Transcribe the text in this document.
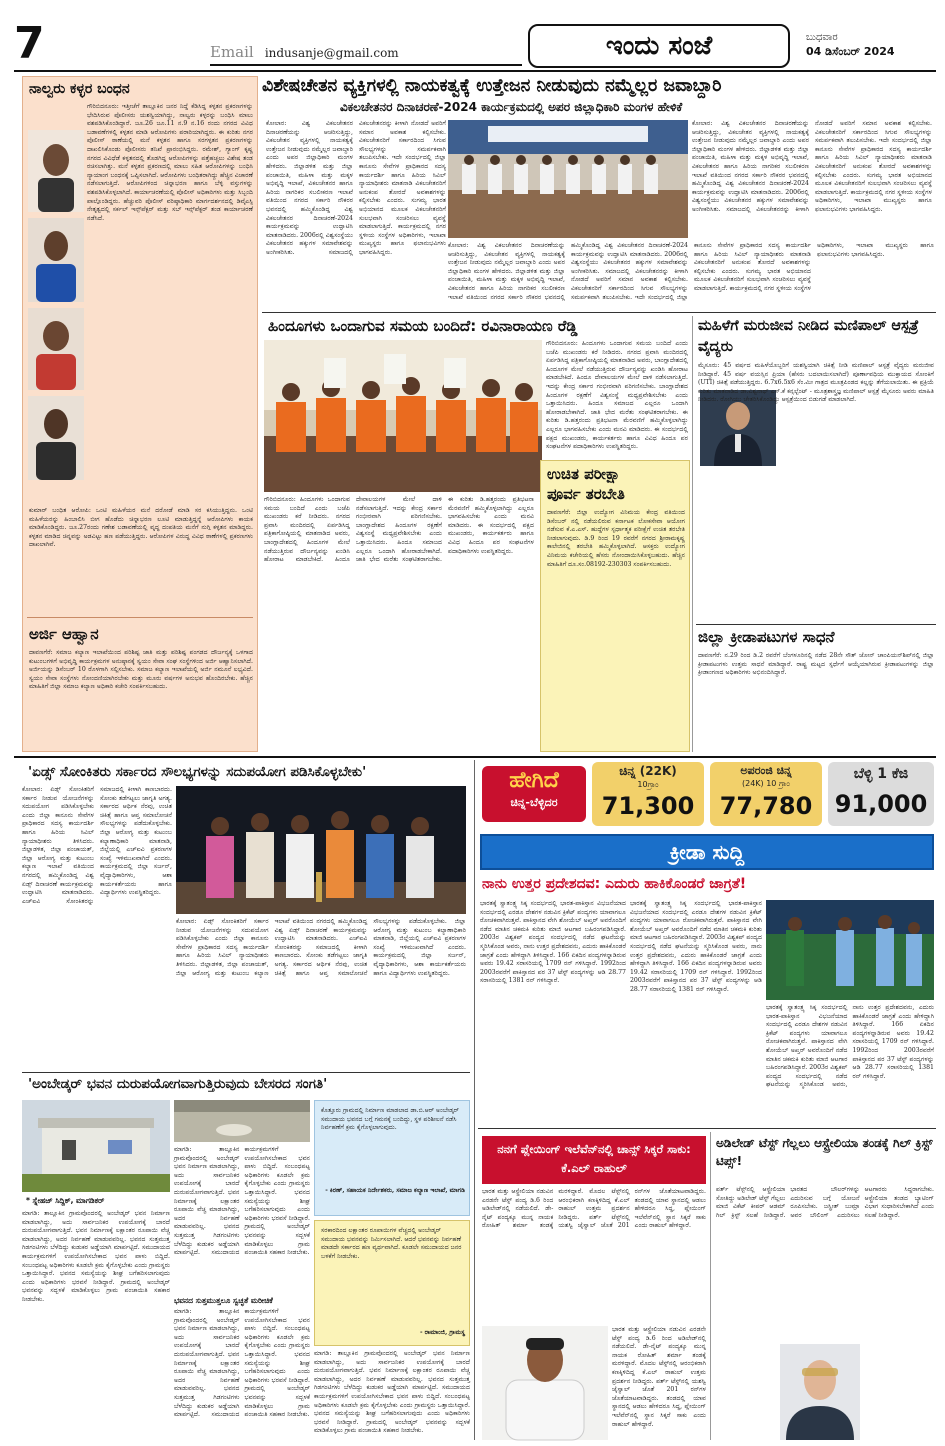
7	Email indusanje@gmail.com	ಇಂದು ಸಂಜೆ	ಬುಧವಾರ
04 ಡಿಸೆಂಬರ್ 2024
ನಾಲ್ವರು ಕಳ್ಳರ ಬಂಧನ
ಗೌರಿಬಿದನೂರು: ಇತ್ತೀಚೆಗೆ ತಾಲ್ಲೂಕಿನ ಜನರ ನಿದ್ದೆ ಕೆಡಿಸಿದ್ದ ಕಳ್ಳತನ ಪ್ರಕರಣಗಳನ್ನು ಭೇದಿಸಿರುವ ಪೊಲೀಸರು ಯಶಸ್ವಿಯಾಗಿದ್ದು, ನಾಲ್ವರು ಕಳ್ಳರನ್ನು ಬಂಧಿಸಿ ಮಾಲು ವಶಪಡಿಸಿಕೊಂಡಿದ್ದಾರೆ. ಜೂ.26 ಜೂ.11 ನ.9 ನ.16 ರಂದು ನಗರದ ವಿವಿಧ ಬಡಾವಣೆಗಳಲ್ಲಿ ಕಳ್ಳತನ ಮಾಡಿ ಆರೋಪಿಗಳು ಪರಾರಿಯಾಗಿದ್ದರು. ಈ ಕುರಿತು ನಗರ ಪೊಲೀಸ್ ಠಾಣೆಯಲ್ಲಿ ಮನೆ ಕಳ್ಳತನ ಹಾಗೂ ಸರಗಳ್ಳತನ ಪ್ರಕರಣಗಳನ್ನು ದಾಖಲಿಸಿಕೊಂಡು ಪೊಲೀಸರು ತನಿಖೆ ಪ್ರಾರಂಭಿಸಿದ್ದರು. ರಮೇಶ್, ಗ್ಯಾಂಗ್ ಕೃಷ್ಣ ನಗರದ ವಿವಿಧೆಡೆ ಕಳ್ಳತನದಲ್ಲಿ ತೊಡಗಿದ್ದ ಆರೋಪಿಗಳನ್ನು ಪತ್ತೆಹಚ್ಚಲು ವಿಶೇಷ ತಂಡ ರಚಿಸಲಾಗಿತ್ತು. ಮನೆ ಕಳ್ಳತನ ಪ್ರಕರಣದಲ್ಲಿ ಮಾಲು ಸಹಿತ ಆರೋಪಿಗಳನ್ನು ಬಂಧಿಸಿ ನ್ಯಾಯಾಂಗ ಬಂಧನಕ್ಕೆ ಒಪ್ಪಿಸಲಾಗಿದೆ. ಆರೋಪಿಗಳು ಬಂಧಿತರಾಗಿದ್ದು ಹೆಚ್ಚಿನ ವಿಚಾರಣೆ ನಡೆಸಲಾಗುತ್ತಿದೆ. ಆರೋಪಿಗಳಿಂದ ಚಿನ್ನಾಭರಣ ಹಾಗೂ ಬೆಳ್ಳಿ ವಸ್ತುಗಳನ್ನು ವಶಪಡಿಸಿಕೊಳ್ಳಲಾಗಿದೆ. ಕಾರ್ಯಾಚರಣೆಯಲ್ಲಿ ಪೊಲೀಸ್ ಅಧಿಕಾರಿಗಳು ಮತ್ತು ಸಿಬ್ಬಂದಿ ಪಾಲ್ಗೊಂಡಿದ್ದರು. ಹೆಚ್ಚುವರಿ ಪೊಲೀಸ್ ವರಿಷ್ಠಾಧಿಕಾರಿ ಮಾರ್ಗದರ್ಶನದಲ್ಲಿ ಡಿವೈಎಸ್ಪಿ ನೇತೃತ್ವದಲ್ಲಿ ಸರ್ಕಲ್ ಇನ್ಸ್‌ಪೆಕ್ಟರ್ ಮತ್ತು ಸಬ್ ಇನ್ಸ್‌ಪೆಕ್ಟರ್ ತಂಡ ಕಾರ್ಯಾಚರಣೆ ನಡೆಸಿದೆ.
ಕುಮಾರ್ ಬಂಧಿತ ಆರೋಪಿ: ಒಂಟಿ ಮಹಿಳೆಯರ ಮನೆ ದರೋಡೆ ಮಾಡಿ ಸರ ಕಸಿಯುತ್ತಿದ್ದನು. ಒಂಟಿ ಮಹಿಳೆಯರನ್ನು ಹಿಂಬಾಲಿಸಿ ಬೀಗ ಹೊಡೆದು ಚಿನ್ನಾಭರಣ ಲೂಟಿ ಮಾಡುತ್ತಿದ್ದನ್ನೆ ಆರೋಪಿಗಳು ಕಾಯಕ ಮಾಡಿಕೊಂಡಿದ್ದರು. ಜೂ.27ರಂದು ಗಣೇಶ ಬಡಾವಣೆಯಲ್ಲಿ ವೃದ್ಧ ದಂಪತಿಯ ಮನೆಗೆ ನುಗ್ಗಿ ಕಳ್ಳತನ ಮಾಡಿದ್ದರು. ಕಳ್ಳತನ ಮಾಡಿದ ಚಿನ್ನವನ್ನು ಅಡವಿಟ್ಟು ಹಣ ಪಡೆಯುತ್ತಿದ್ದರು. ಆರೋಪಿಗಳ ವಿರುದ್ಧ ವಿವಿಧ ಠಾಣೆಗಳಲ್ಲಿ ಪ್ರಕರಣಗಳು ದಾಖಲಾಗಿವೆ.
ಅರ್ಜಿ ಆಹ್ವಾನ
ದಾವಣಗೆರೆ: ಸಮಾಜ ಕಲ್ಯಾಣ ಇಲಾಖೆಯಿಂದ ಪರಿಶಿಷ್ಟ ಜಾತಿ ಮತ್ತು ಪರಿಶಿಷ್ಟ ಪಂಗಡದ ದೌರ್ಜನ್ಯಕ್ಕೆ ಒಳಗಾದ ಕುಟುಂಬಗಳಿಗೆ ಅಭಿವೃದ್ಧಿ ಕಾರ್ಯಕ್ರಮಗಳ ಅನುಷ್ಠಾನಕ್ಕೆ ಸ್ವಯಂ ಸೇವಾ ಸಂಘ ಸಂಸ್ಥೆಗಳಿಂದ ಅರ್ಜಿ ಆಹ್ವಾನಿಸಲಾಗಿದೆ. ಅರ್ಜಿಯನ್ನು ಡಿಸೆಂಬರ್ 10 ರೊಳಗಾಗಿ ಸಲ್ಲಿಸಬೇಕು. ಸಮಾಜ ಕಲ್ಯಾಣ ಇಲಾಖೆಯಲ್ಲಿ ಅರ್ಜಿ ನಮೂನೆ ಲಭ್ಯವಿದೆ. ಸ್ವಯಂ ಸೇವಾ ಸಂಸ್ಥೆಗಳು ನೋಂದಣಿಯಾಗಿರಬೇಕು ಮತ್ತು ಮೂರು ವರ್ಷಗಳ ಅನುಭವ ಹೊಂದಿರಬೇಕು. ಹೆಚ್ಚಿನ ಮಾಹಿತಿಗೆ ಜಿಲ್ಲಾ ಸಮಾಜ ಕಲ್ಯಾಣ ಅಧಿಕಾರಿ ಕಚೇರಿ ಸಂಪರ್ಕಿಸಬಹುದು.
ವಿಶೇಷಚೇತನ ವ್ಯಕ್ತಿಗಳಲ್ಲಿ ನಾಯಕತ್ವಕ್ಕೆ ಉತ್ತೇಜನ ನೀಡುವುದು ನಮ್ಮೆಲ್ಲರ ಜವಾಬ್ದಾರಿ
ವಿಕಲಚೇತನರ ದಿನಾಚರಣೆ-2024 ಕಾರ್ಯಕ್ರಮದಲ್ಲಿ ಅಪರ ಜಿಲ್ಲಾಧಿಕಾರಿ ಮಂಗಳ ಹೇಳಿಕೆ
ಕೋಲಾರ: ವಿಶ್ವ ವಿಕಲಚೇತನರ ದಿನಾಚರಣೆಯನ್ನು ಆಚರಿಸುತ್ತಿದ್ದು, ವಿಕಲಚೇತನ ವ್ಯಕ್ತಿಗಳಲ್ಲಿ ನಾಯಕತ್ವಕ್ಕೆ ಉತ್ತೇಜನ ನೀಡುವುದು ನಮ್ಮೆಲ್ಲರ ಜವಾಬ್ದಾರಿ ಎಂದು ಅಪರ ಜಿಲ್ಲಾಧಿಕಾರಿ ಮಂಗಳ ಹೇಳಿದರು. ಜಿಲ್ಲಾಡಳಿತ ಮತ್ತು ಜಿಲ್ಲಾ ಪಂಚಾಯಿತಿ, ಮಹಿಳಾ ಮತ್ತು ಮಕ್ಕಳ ಅಭಿವೃದ್ಧಿ ಇಲಾಖೆ, ವಿಕಲಚೇತನರ ಹಾಗೂ ಹಿರಿಯ ನಾಗರಿಕರ ಸಬಲೀಕರಣ ಇಲಾಖೆ ವತಿಯಿಂದ ನಗರದ ಸರ್ಕಾರಿ ನೌಕರರ ಭವನದಲ್ಲಿ ಹಮ್ಮಿಕೊಂಡಿದ್ದ ವಿಶ್ವ ವಿಕಲಚೇತನರ ದಿನಾಚರಣೆ-2024 ಕಾರ್ಯಕ್ರಮವನ್ನು ಉದ್ಘಾಟಿಸಿ ಮಾತನಾಡಿದರು. 2006ರಲ್ಲಿ ವಿಶ್ವಸಂಸ್ಥೆಯು ವಿಕಲಚೇತನರ ಹಕ್ಕುಗಳ ಸಮಾವೇಶವನ್ನು ಅಂಗೀಕರಿಸಿತು. ಸಮಾಜದಲ್ಲಿ ವಿಕಲಚೇತನರನ್ನು ಕೀಳಾಗಿ ನೋಡದೆ ಅವರಿಗೆ ಸಮಾನ ಅವಕಾಶ ಕಲ್ಪಿಸಬೇಕು. ವಿಕಲಚೇತನರಿಗೆ ಸರ್ಕಾರದಿಂದ ಸಿಗುವ ಸೌಲಭ್ಯಗಳನ್ನು ಸಮರ್ಪಕವಾಗಿ ತಲುಪಿಸಬೇಕು. ಇದೇ ಸಂದರ್ಭದಲ್ಲಿ ಜಿಲ್ಲಾ ಕಾನೂನು ಸೇವೆಗಳ ಪ್ರಾಧಿಕಾರದ ಸದಸ್ಯ ಕಾರ್ಯದರ್ಶಿ ಹಾಗೂ ಹಿರಿಯ ಸಿವಿಲ್ ನ್ಯಾಯಾಧೀಶರು ಮಾತನಾಡಿ ವಿಕಲಚೇತನರಿಗೆ ಅನುಕಂಪ ತೋರದೆ ಅವಕಾಶಗಳನ್ನು ಕಲ್ಪಿಸಬೇಕು ಎಂದರು. ಸುಗಮ್ಯ ಭಾರತ ಅಭಿಯಾನದ ಮೂಲಕ ವಿಕಲಚೇತನರಿಗೆ ಸುಲಭವಾಗಿ ಸಂಚರಿಸಲು ವ್ಯವಸ್ಥೆ ಮಾಡಲಾಗುತ್ತಿದೆ. ಕಾರ್ಯಕ್ರಮದಲ್ಲಿ ನಗರ ಸ್ಥಳೀಯ ಸಂಸ್ಥೆಗಳ ಅಧಿಕಾರಿಗಳು, ಇಲಾಖಾ ಮುಖ್ಯಸ್ಥರು ಹಾಗೂ ಫಲಾನುಭವಿಗಳು ಭಾಗವಹಿಸಿದ್ದರು.
ಕೋಲಾರ: ವಿಶ್ವ ವಿಕಲಚೇತನರ ದಿನಾಚರಣೆಯನ್ನು ಆಚರಿಸುತ್ತಿದ್ದು, ವಿಕಲಚೇತನ ವ್ಯಕ್ತಿಗಳಲ್ಲಿ ನಾಯಕತ್ವಕ್ಕೆ ಉತ್ತೇಜನ ನೀಡುವುದು ನಮ್ಮೆಲ್ಲರ ಜವಾಬ್ದಾರಿ ಎಂದು ಅಪರ ಜಿಲ್ಲಾಧಿಕಾರಿ ಮಂಗಳ ಹೇಳಿದರು. ಜಿಲ್ಲಾಡಳಿತ ಮತ್ತು ಜಿಲ್ಲಾ ಪಂಚಾಯಿತಿ, ಮಹಿಳಾ ಮತ್ತು ಮಕ್ಕಳ ಅಭಿವೃದ್ಧಿ ಇಲಾಖೆ, ವಿಕಲಚೇತನರ ಹಾಗೂ ಹಿರಿಯ ನಾಗರಿಕರ ಸಬಲೀಕರಣ ಇಲಾಖೆ ವತಿಯಿಂದ ನಗರದ ಸರ್ಕಾರಿ ನೌಕರರ ಭವನದಲ್ಲಿ ಹಮ್ಮಿಕೊಂಡಿದ್ದ ವಿಶ್ವ ವಿಕಲಚೇತನರ ದಿನಾಚರಣೆ-2024 ಕಾರ್ಯಕ್ರಮವನ್ನು ಉದ್ಘಾಟಿಸಿ ಮಾತನಾಡಿದರು. 2006ರಲ್ಲಿ ವಿಶ್ವಸಂಸ್ಥೆಯು ವಿಕಲಚೇತನರ ಹಕ್ಕುಗಳ ಸಮಾವೇಶವನ್ನು ಅಂಗೀಕರಿಸಿತು. ಸಮಾಜದಲ್ಲಿ ವಿಕಲಚೇತನರನ್ನು ಕೀಳಾಗಿ ನೋಡದೆ ಅವರಿಗೆ ಸಮಾನ ಅವಕಾಶ ಕಲ್ಪಿಸಬೇಕು. ವಿಕಲಚೇತನರಿಗೆ ಸರ್ಕಾರದಿಂದ ಸಿಗುವ ಸೌಲಭ್ಯಗಳನ್ನು ಸಮರ್ಪಕವಾಗಿ ತಲುಪಿಸಬೇಕು. ಇದೇ ಸಂದರ್ಭದಲ್ಲಿ ಜಿಲ್ಲಾ ಕಾನೂನು ಸೇವೆಗಳ ಪ್ರಾಧಿಕಾರದ ಸದಸ್ಯ ಕಾರ್ಯದರ್ಶಿ ಹಾಗೂ ಹಿರಿಯ ಸಿವಿಲ್ ನ್ಯಾಯಾಧೀಶರು ಮಾತನಾಡಿ ವಿಕಲಚೇತನರಿಗೆ ಅನುಕಂಪ ತೋರದೆ ಅವಕಾಶಗಳನ್ನು ಕಲ್ಪಿಸಬೇಕು ಎಂದರು. ಸುಗಮ್ಯ ಭಾರತ ಅಭಿಯಾನದ ಮೂಲಕ ವಿಕಲಚೇತನರಿಗೆ ಸುಲಭವಾಗಿ ಸಂಚರಿಸಲು ವ್ಯವಸ್ಥೆ ಮಾಡಲಾಗುತ್ತಿದೆ. ಕಾರ್ಯಕ್ರಮದಲ್ಲಿ ನಗರ ಸ್ಥಳೀಯ ಸಂಸ್ಥೆಗಳ ಅಧಿಕಾರಿಗಳು, ಇಲಾಖಾ ಮುಖ್ಯಸ್ಥರು ಹಾಗೂ ಫಲಾನುಭವಿಗಳು ಭಾಗವಹಿಸಿದ್ದರು.
ಕೋಲಾರ: ವಿಶ್ವ ವಿಕಲಚೇತನರ ದಿನಾಚರಣೆಯನ್ನು ಆಚರಿಸುತ್ತಿದ್ದು, ವಿಕಲಚೇತನ ವ್ಯಕ್ತಿಗಳಲ್ಲಿ ನಾಯಕತ್ವಕ್ಕೆ ಉತ್ತೇಜನ ನೀಡುವುದು ನಮ್ಮೆಲ್ಲರ ಜವಾಬ್ದಾರಿ ಎಂದು ಅಪರ ಜಿಲ್ಲಾಧಿಕಾರಿ ಮಂಗಳ ಹೇಳಿದರು. ಜಿಲ್ಲಾಡಳಿತ ಮತ್ತು ಜಿಲ್ಲಾ ಪಂಚಾಯಿತಿ, ಮಹಿಳಾ ಮತ್ತು ಮಕ್ಕಳ ಅಭಿವೃದ್ಧಿ ಇಲಾಖೆ, ವಿಕಲಚೇತನರ ಹಾಗೂ ಹಿರಿಯ ನಾಗರಿಕರ ಸಬಲೀಕರಣ ಇಲಾಖೆ ವತಿಯಿಂದ ನಗರದ ಸರ್ಕಾರಿ ನೌಕರರ ಭವನದಲ್ಲಿ ಹಮ್ಮಿಕೊಂಡಿದ್ದ ವಿಶ್ವ ವಿಕಲಚೇತನರ ದಿನಾಚರಣೆ-2024 ಕಾರ್ಯಕ್ರಮವನ್ನು ಉದ್ಘಾಟಿಸಿ ಮಾತನಾಡಿದರು. 2006ರಲ್ಲಿ ವಿಶ್ವಸಂಸ್ಥೆಯು ವಿಕಲಚೇತನರ ಹಕ್ಕುಗಳ ಸಮಾವೇಶವನ್ನು ಅಂಗೀಕರಿಸಿತು. ಸಮಾಜದಲ್ಲಿ ವಿಕಲಚೇತನರನ್ನು ಕೀಳಾಗಿ ನೋಡದೆ ಅವರಿಗೆ ಸಮಾನ ಅವಕಾಶ ಕಲ್ಪಿಸಬೇಕು. ವಿಕಲಚೇತನರಿಗೆ ಸರ್ಕಾರದಿಂದ ಸಿಗುವ ಸೌಲಭ್ಯಗಳನ್ನು ಸಮರ್ಪಕವಾಗಿ ತಲುಪಿಸಬೇಕು. ಇದೇ ಸಂದರ್ಭದಲ್ಲಿ ಜಿಲ್ಲಾ ಕಾನೂನು ಸೇವೆಗಳ ಪ್ರಾಧಿಕಾರದ ಸದಸ್ಯ ಕಾರ್ಯದರ್ಶಿ ಹಾಗೂ ಹಿರಿಯ ಸಿವಿಲ್ ನ್ಯಾಯಾಧೀಶರು ಮಾತನಾಡಿ ವಿಕಲಚೇತನರಿಗೆ ಅನುಕಂಪ ತೋರದೆ ಅವಕಾಶಗಳನ್ನು ಕಲ್ಪಿಸಬೇಕು ಎಂದರು. ಸುಗಮ್ಯ ಭಾರತ ಅಭಿಯಾನದ ಮೂಲಕ ವಿಕಲಚೇತನರಿಗೆ ಸುಲಭವಾಗಿ ಸಂಚರಿಸಲು ವ್ಯವಸ್ಥೆ ಮಾಡಲಾಗುತ್ತಿದೆ. ಕಾರ್ಯಕ್ರಮದಲ್ಲಿ ನಗರ ಸ್ಥಳೀಯ ಸಂಸ್ಥೆಗಳ ಅಧಿಕಾರಿಗಳು, ಇಲಾಖಾ ಮುಖ್ಯಸ್ಥರು ಹಾಗೂ ಫಲಾನುಭವಿಗಳು ಭಾಗವಹಿಸಿದ್ದರು.
ಹಿಂದೂಗಳು ಒಂದಾಗುವ ಸಮಯ ಬಂದಿದೆ: ರವಿನಾರಾಯಣ ರೆಡ್ಡಿ
ಗೌರಿಬಿದನೂರು: ಹಿಂದೂಗಳು ಒಂದಾಗುವ ಸಮಯ ಬಂದಿದೆ ಎಂದು ಬಜೆಪಿ ಮುಖಂಡರು ಕರೆ ನೀಡಿದರು. ನಗರದ ಪ್ರವಾಸಿ ಮಂದಿರದಲ್ಲಿ ಏರ್ಪಡಿಸಿದ್ದ ಪತ್ರಿಕಾಗೋಷ್ಠಿಯಲ್ಲಿ ಮಾತನಾಡಿದ ಅವರು, ಬಾಂಗ್ಲಾದೇಶದಲ್ಲಿ ಹಿಂದೂಗಳ ಮೇಲೆ ನಡೆಯುತ್ತಿರುವ ದೌರ್ಜನ್ಯವನ್ನು ಖಂಡಿಸಿ ಹೋರಾಟ ಮಾಡಬೇಕಿದೆ. ಹಿಂದೂ ದೇವಾಲಯಗಳ ಮೇಲೆ ದಾಳಿ ನಡೆಸಲಾಗುತ್ತಿದೆ. ಇದನ್ನು ಕೇಂದ್ರ ಸರ್ಕಾರ ಗಂಭೀರವಾಗಿ ಪರಿಗಣಿಸಬೇಕು. ಬಾಂಗ್ಲಾದೇಶದ ಹಿಂದೂಗಳ ರಕ್ಷಣೆಗೆ ವಿಶ್ವಸಂಸ್ಥೆ ಮಧ್ಯಪ್ರವೇಶಿಸಬೇಕು ಎಂದು ಒತ್ತಾಯಿಸಿದರು. ಹಿಂದೂ ಸಮಾಜದ ಎಲ್ಲರೂ ಒಂದಾಗಿ ಹೋರಾಡಬೇಕಾಗಿದೆ. ಜಾತಿ ಭೇದ ಮರೆತು ಸಂಘಟಿತರಾಗಬೇಕು. ಈ ಕುರಿತು ಡಿ.ಹತ್ತರಂದು ಪ್ರತಿಭಟನಾ ಮೆರವಣಿಗೆ ಹಮ್ಮಿಕೊಳ್ಳಲಾಗಿದ್ದು ಎಲ್ಲರೂ ಭಾಗವಹಿಸಬೇಕು ಎಂದು ಮನವಿ ಮಾಡಿದರು. ಈ ಸಂದರ್ಭದಲ್ಲಿ ಪಕ್ಷದ ಮುಖಂಡರು, ಕಾರ್ಯಕರ್ತರು ಹಾಗೂ ವಿವಿಧ ಹಿಂದೂ ಪರ ಸಂಘಟನೆಗಳ ಪದಾಧಿಕಾರಿಗಳು ಉಪಸ್ಥಿತರಿದ್ದರು.
ಗೌರಿಬಿದನೂರು: ಹಿಂದೂಗಳು ಒಂದಾಗುವ ಸಮಯ ಬಂದಿದೆ ಎಂದು ಬಜೆಪಿ ಮುಖಂಡರು ಕರೆ ನೀಡಿದರು. ನಗರದ ಪ್ರವಾಸಿ ಮಂದಿರದಲ್ಲಿ ಏರ್ಪಡಿಸಿದ್ದ ಪತ್ರಿಕಾಗೋಷ್ಠಿಯಲ್ಲಿ ಮಾತನಾಡಿದ ಅವರು, ಬಾಂಗ್ಲಾದೇಶದಲ್ಲಿ ಹಿಂದೂಗಳ ಮೇಲೆ ನಡೆಯುತ್ತಿರುವ ದೌರ್ಜನ್ಯವನ್ನು ಖಂಡಿಸಿ ಹೋರಾಟ ಮಾಡಬೇಕಿದೆ. ಹಿಂದೂ ದೇವಾಲಯಗಳ ಮೇಲೆ ದಾಳಿ ನಡೆಸಲಾಗುತ್ತಿದೆ. ಇದನ್ನು ಕೇಂದ್ರ ಸರ್ಕಾರ ಗಂಭೀರವಾಗಿ ಪರಿಗಣಿಸಬೇಕು. ಬಾಂಗ್ಲಾದೇಶದ ಹಿಂದೂಗಳ ರಕ್ಷಣೆಗೆ ವಿಶ್ವಸಂಸ್ಥೆ ಮಧ್ಯಪ್ರವೇಶಿಸಬೇಕು ಎಂದು ಒತ್ತಾಯಿಸಿದರು. ಹಿಂದೂ ಸಮಾಜದ ಎಲ್ಲರೂ ಒಂದಾಗಿ ಹೋರಾಡಬೇಕಾಗಿದೆ. ಜಾತಿ ಭೇದ ಮರೆತು ಸಂಘಟಿತರಾಗಬೇಕು. ಈ ಕುರಿತು ಡಿ.ಹತ್ತರಂದು ಪ್ರತಿಭಟನಾ ಮೆರವಣಿಗೆ ಹಮ್ಮಿಕೊಳ್ಳಲಾಗಿದ್ದು ಎಲ್ಲರೂ ಭಾಗವಹಿಸಬೇಕು ಎಂದು ಮನವಿ ಮಾಡಿದರು. ಈ ಸಂದರ್ಭದಲ್ಲಿ ಪಕ್ಷದ ಮುಖಂಡರು, ಕಾರ್ಯಕರ್ತರು ಹಾಗೂ ವಿವಿಧ ಹಿಂದೂ ಪರ ಸಂಘಟನೆಗಳ ಪದಾಧಿಕಾರಿಗಳು ಉಪಸ್ಥಿತರಿದ್ದರು.
ಉಚಿತ ಪರೀಕ್ಷಾ
ಪೂರ್ವ ತರಬೇತಿ
ದಾವಣಗೆರೆ: ಜಿಲ್ಲಾ ಉದ್ಯೋಗ ವಿನಿಮಯ ಕೇಂದ್ರ ವತಿಯಿಂದ ಡಿಸೆಂಬರ್ ನಲ್ಲಿ ನಡೆಯಲಿರುವ ಕರ್ನಾಟಕ ಲೋಕಸೇವಾ ಆಯೋಗ ನಡೆಸುವ ಕೆ.ಎ.ಎಸ್. ಹುದ್ದೆಗಳ ಸ್ಪರ್ಧಾತ್ಮಕ ಪರೀಕ್ಷೆಗೆ ಉಚಿತ ತರಬೇತಿ ನೀಡಲಾಗುವುದು. ಡಿ.9 ರಿಂದ 19 ರವರೆಗೆ ನಗರದ ಶ್ರೀರಾಮಕೃಷ್ಣ ಕಾಲೇಜಿನಲ್ಲಿ ತರಬೇತಿ ಹಮ್ಮಿಕೊಳ್ಳಲಾಗಿದೆ. ಆಸಕ್ತರು ಉದ್ಯೋಗ ವಿನಿಮಯ ಕಚೇರಿಯಲ್ಲಿ ಹೆಸರು ನೋಂದಾಯಿಸಿಕೊಳ್ಳಬಹುದು. ಹೆಚ್ಚಿನ ಮಾಹಿತಿಗೆ ದೂ.ಸಂ.08192-230303 ಸಂಪರ್ಕಿಸಬಹುದು.
ಮಹಿಳೆಗೆ ಮರುಜೀವ ನೀಡಿದ ಮಣಿಪಾಲ್ ಆಸ್ಪತ್ರೆ ವೈದ್ಯರು
ಮೈಸೂರು: 45 ವರ್ಷದ ಮಹಿಳೆಯೊಬ್ಬರಿಗೆ ಯಶಸ್ವಿಯಾಗಿ ಚಿಕಿತ್ಸೆ ನೀಡಿ ಮಣಿಪಾಲ್ ಆಸ್ಪತ್ರೆ ವೈದ್ಯರು ಮರುಜೀವ ನೀಡಿದ್ದಾರೆ. 45 ವರ್ಷ ವಯಸ್ಸಿನ ಪ್ರಿಯಾ (ಹೆಸರು ಬದಲಾಯಿಸಲಾಗಿದೆ) ಪೂರ್ಣಾವಧಿಯ ಮುಕ್ತಾಯದ ಸೋಂಕಿಗೆ (UTI) ಚಿಕಿತ್ಸೆ ಪಡೆಯುತ್ತಿದ್ದರು. 6.7x6.5x6 ಸೆಂ.ಮೀ ಗಾತ್ರದ ಮೂತ್ರಪಿಂಡದ ಕಲ್ಲನ್ನು ತೆಗೆಯಲಾಯಿತು. ಈ ಪ್ರಕ್ರಿಯೆ ಕುರಿತು ಮಾತನಾಡಿದ ಡಾ.ವಿಶ್ವನಾಥ್ ಎಸ್.ಕೆ ಕನ್ಸಲ್ಟೆಂಟ್ - ಮೂತ್ರಶಾಸ್ತ್ರಜ್ಞ ಮಣಿಪಾಲ್ ಆಸ್ಪತ್ರೆ ಮೈಸೂರು ಅವರು ಮಾಹಿತಿ ನೀಡಿದರು. ರೋಗಿಯು ಚೇತರಿಸಿಕೊಂಡಿದ್ದು ಆಸ್ಪತ್ರೆಯಿಂದ ಬಿಡುಗಡೆ ಮಾಡಲಾಗಿದೆ.
ಜಿಲ್ಲಾ ಕ್ರೀಡಾಪಟುಗಳ ಸಾಧನೆ
ದಾವಣಗೆರೆ: ನ.29 ರಿಂದ ಡಿ.2 ರವರೆಗೆ ಬೆಂಗಳೂರಿನಲ್ಲಿ ನಡೆದ 28ನೇ ಸೌತ್ ಜೋನ್ ಚಾಂಪಿಯನ್‌ಶಿಪ್‌ನಲ್ಲಿ ಜಿಲ್ಲಾ ಕ್ರೀಡಾಪಟುಗಳು ಉತ್ತಮ ಸಾಧನೆ ಮಾಡಿದ್ದಾರೆ. ರಾಷ್ಟ್ರ ಮಟ್ಟದ ಸ್ಪರ್ಧೆಗೆ ಆಯ್ಕೆಯಾಗಿರುವ ಕ್ರೀಡಾಪಟುಗಳನ್ನು ಜಿಲ್ಲಾ ಕ್ರೀಡಾಂಗಣದ ಅಧಿಕಾರಿಗಳು ಅಭಿನಂದಿಸಿದ್ದಾರೆ.
'ಏಡ್ಸ್ ಸೋಂಕಿತರು ಸರ್ಕಾರದ ಸೌಲಭ್ಯಗಳನ್ನು ಸದುಪಯೋಗ ಪಡಿಸಿಕೊಳ್ಳಬೇಕು'
ಕೋಲಾರ: ಏಡ್ಸ್ ಸೋಂಕಿತರಿಗೆ ಸರ್ಕಾರ ನೀಡುವ ಯೋಜನೆಗಳನ್ನು ಸದುಪಯೋಗ ಪಡಿಸಿಕೊಳ್ಳಬೇಕು ಎಂದು ಜಿಲ್ಲಾ ಕಾನೂನು ಸೇವೆಗಳ ಪ್ರಾಧಿಕಾರದ ಸದಸ್ಯ ಕಾರ್ಯದರ್ಶಿ ಹಾಗೂ ಹಿರಿಯ ಸಿವಿಲ್ ನ್ಯಾಯಾಧೀಶರು ತಿಳಿಸಿದರು. ಜಿಲ್ಲಾಡಳಿತ, ಜಿಲ್ಲಾ ಪಂಚಾಯತ್, ಜಿಲ್ಲಾ ಆರೋಗ್ಯ ಮತ್ತು ಕುಟುಂಬ ಕಲ್ಯಾಣ ಇಲಾಖೆ ವತಿಯಿಂದ ನಗರದಲ್ಲಿ ಹಮ್ಮಿಕೊಂಡಿದ್ದ ವಿಶ್ವ ಏಡ್ಸ್ ದಿನಾಚರಣೆ ಕಾರ್ಯಕ್ರಮವನ್ನು ಉದ್ಘಾಟಿಸಿ ಮಾತನಾಡಿದರು. ಎಚ್‌ಐವಿ ಸೋಂಕಿತರನ್ನು ಸಮಾಜದಲ್ಲಿ ಕೀಳಾಗಿ ಕಾಣಬಾರದು. ಸೋಂಕು ತಡೆಗಟ್ಟಲು ಜಾಗೃತಿ ಅಗತ್ಯ. ಸರ್ಕಾರದ ಆರ್ಥಿಕ ನೆರವು, ಉಚಿತ ಚಿಕಿತ್ಸೆ ಹಾಗೂ ಆಪ್ತ ಸಮಾಲೋಚನೆ ಸೌಲಭ್ಯಗಳನ್ನು ಪಡೆದುಕೊಳ್ಳಬೇಕು. ಜಿಲ್ಲಾ ಆರೋಗ್ಯ ಮತ್ತು ಕುಟುಂಬ ಕಲ್ಯಾಣಾಧಿಕಾರಿ ಮಾತನಾಡಿ, ಜಿಲ್ಲೆಯಲ್ಲಿ ಎಚ್‌ಐವಿ ಪ್ರಕರಣಗಳ ಸಂಖ್ಯೆ ಇಳಿಮುಖವಾಗಿದೆ ಎಂದರು. ಕಾರ್ಯಕ್ರಮದಲ್ಲಿ ಜಿಲ್ಲಾ ಸರ್ಜನ್, ವೈದ್ಯಾಧಿಕಾರಿಗಳು, ಆಶಾ ಕಾರ್ಯಕರ್ತೆಯರು ಹಾಗೂ ವಿದ್ಯಾರ್ಥಿಗಳು ಉಪಸ್ಥಿತರಿದ್ದರು.
ಕೋಲಾರ: ಏಡ್ಸ್ ಸೋಂಕಿತರಿಗೆ ಸರ್ಕಾರ ನೀಡುವ ಯೋಜನೆಗಳನ್ನು ಸದುಪಯೋಗ ಪಡಿಸಿಕೊಳ್ಳಬೇಕು ಎಂದು ಜಿಲ್ಲಾ ಕಾನೂನು ಸೇವೆಗಳ ಪ್ರಾಧಿಕಾರದ ಸದಸ್ಯ ಕಾರ್ಯದರ್ಶಿ ಹಾಗೂ ಹಿರಿಯ ಸಿವಿಲ್ ನ್ಯಾಯಾಧೀಶರು ತಿಳಿಸಿದರು. ಜಿಲ್ಲಾಡಳಿತ, ಜಿಲ್ಲಾ ಪಂಚಾಯತ್, ಜಿಲ್ಲಾ ಆರೋಗ್ಯ ಮತ್ತು ಕುಟುಂಬ ಕಲ್ಯಾಣ ಇಲಾಖೆ ವತಿಯಿಂದ ನಗರದಲ್ಲಿ ಹಮ್ಮಿಕೊಂಡಿದ್ದ ವಿಶ್ವ ಏಡ್ಸ್ ದಿನಾಚರಣೆ ಕಾರ್ಯಕ್ರಮವನ್ನು ಉದ್ಘಾಟಿಸಿ ಮಾತನಾಡಿದರು. ಎಚ್‌ಐವಿ ಸೋಂಕಿತರನ್ನು ಸಮಾಜದಲ್ಲಿ ಕೀಳಾಗಿ ಕಾಣಬಾರದು. ಸೋಂಕು ತಡೆಗಟ್ಟಲು ಜಾಗೃತಿ ಅಗತ್ಯ. ಸರ್ಕಾರದ ಆರ್ಥಿಕ ನೆರವು, ಉಚಿತ ಚಿಕಿತ್ಸೆ ಹಾಗೂ ಆಪ್ತ ಸಮಾಲೋಚನೆ ಸೌಲಭ್ಯಗಳನ್ನು ಪಡೆದುಕೊಳ್ಳಬೇಕು. ಜಿಲ್ಲಾ ಆರೋಗ್ಯ ಮತ್ತು ಕುಟುಂಬ ಕಲ್ಯಾಣಾಧಿಕಾರಿ ಮಾತನಾಡಿ, ಜಿಲ್ಲೆಯಲ್ಲಿ ಎಚ್‌ಐವಿ ಪ್ರಕರಣಗಳ ಸಂಖ್ಯೆ ಇಳಿಮುಖವಾಗಿದೆ ಎಂದರು. ಕಾರ್ಯಕ್ರಮದಲ್ಲಿ ಜಿಲ್ಲಾ ಸರ್ಜನ್, ವೈದ್ಯಾಧಿಕಾರಿಗಳು, ಆಶಾ ಕಾರ್ಯಕರ್ತೆಯರು ಹಾಗೂ ವಿದ್ಯಾರ್ಥಿಗಳು ಉಪಸ್ಥಿತರಿದ್ದರು.
'ಅಂಬೇಡ್ಕರ್ ಭವನ ದುರುಪಯೋಗವಾಗುತ್ತಿರುವುದು ಬೇಸರದ ಸಂಗತಿ'
* ಸ್ನೇಹಜ್ ಸಿದ್ದಿಕ್, ಮಾಗಡಿಕರ್
ಮಾಗಡಿ: ತಾಲ್ಲೂಕಿನ ಗ್ರಾಮವೊಂದರಲ್ಲಿ ಅಂಬೇಡ್ಕರ್ ಭವನ ನಿರ್ಮಾಣ ಮಾಡಲಾಗಿದ್ದು, ಅದು ಸಾರ್ವಜನಿಕರ ಉಪಯೋಗಕ್ಕೆ ಬಾರದೆ ದುರುಪಯೋಗವಾಗುತ್ತಿದೆ. ಭವನ ನಿರ್ಮಾಣಕ್ಕೆ ಲಕ್ಷಾಂತರ ರೂಪಾಯಿ ವೆಚ್ಚ ಮಾಡಲಾಗಿದ್ದು, ಅದರ ನಿರ್ವಹಣೆ ಮಾಡುವವರಿಲ್ಲ. ಭವನದ ಸುತ್ತಮುತ್ತ ಗಿಡಗಂಟಿಗಳು ಬೆಳೆದಿದ್ದು ಕುಡುಕರ ಅಡ್ಡೆಯಾಗಿ ಮಾರ್ಪಟ್ಟಿದೆ. ಸಮುದಾಯದ ಕಾರ್ಯಕ್ರಮಗಳಿಗೆ ಉಪಯೋಗಿಸಬೇಕಾದ ಭವನ ಪಾಳು ಬಿದ್ದಿದೆ. ಸಂಬಂಧಪಟ್ಟ ಅಧಿಕಾರಿಗಳು ಕೂಡಲೇ ಕ್ರಮ ಕೈಗೊಳ್ಳಬೇಕು ಎಂದು ಗ್ರಾಮಸ್ಥರು ಒತ್ತಾಯಿಸಿದ್ದಾರೆ. ಭವನದ ಸಮಸ್ಯೆಯನ್ನು ಶೀಘ್ರ ಬಗೆಹರಿಸಲಾಗುವುದು ಎಂದು ಅಧಿಕಾರಿಗಳು ಭರವಸೆ ನೀಡಿದ್ದಾರೆ. ಗ್ರಾಮದಲ್ಲಿ ಅಂಬೇಡ್ಕರ್ ಭವನವನ್ನು ಸದ್ಬಳಕೆ ಮಾಡಿಕೊಳ್ಳಲು ಗ್ರಾಮ ಪಂಚಾಯಿತಿ ಸಹಕಾರ ನೀಡಬೇಕು.
ಮಾಗಡಿ: ತಾಲ್ಲೂಕಿನ ಗ್ರಾಮವೊಂದರಲ್ಲಿ ಅಂಬೇಡ್ಕರ್ ಭವನ ನಿರ್ಮಾಣ ಮಾಡಲಾಗಿದ್ದು, ಅದು ಸಾರ್ವಜನಿಕರ ಉಪಯೋಗಕ್ಕೆ ಬಾರದೆ ದುರುಪಯೋಗವಾಗುತ್ತಿದೆ. ಭವನ ನಿರ್ಮಾಣಕ್ಕೆ ಲಕ್ಷಾಂತರ ರೂಪಾಯಿ ವೆಚ್ಚ ಮಾಡಲಾಗಿದ್ದು, ಅದರ ನಿರ್ವಹಣೆ ಮಾಡುವವರಿಲ್ಲ. ಭವನದ ಸುತ್ತಮುತ್ತ ಗಿಡಗಂಟಿಗಳು ಬೆಳೆದಿದ್ದು ಕುಡುಕರ ಅಡ್ಡೆಯಾಗಿ ಮಾರ್ಪಟ್ಟಿದೆ. ಸಮುದಾಯದ ಕಾರ್ಯಕ್ರಮಗಳಿಗೆ ಉಪಯೋಗಿಸಬೇಕಾದ ಭವನ ಪಾಳು ಬಿದ್ದಿದೆ. ಸಂಬಂಧಪಟ್ಟ ಅಧಿಕಾರಿಗಳು ಕೂಡಲೇ ಕ್ರಮ ಕೈಗೊಳ್ಳಬೇಕು ಎಂದು ಗ್ರಾಮಸ್ಥರು ಒತ್ತಾಯಿಸಿದ್ದಾರೆ. ಭವನದ ಸಮಸ್ಯೆಯನ್ನು ಶೀಘ್ರ ಬಗೆಹರಿಸಲಾಗುವುದು ಎಂದು ಅಧಿಕಾರಿಗಳು ಭರವಸೆ ನೀಡಿದ್ದಾರೆ. ಗ್ರಾಮದಲ್ಲಿ ಅಂಬೇಡ್ಕರ್ ಭವನವನ್ನು ಸದ್ಬಳಕೆ ಮಾಡಿಕೊಳ್ಳಲು ಗ್ರಾಮ ಪಂಚಾಯಿತಿ ಸಹಕಾರ ನೀಡಬೇಕು.
ಭವನದ ಸುತ್ತಮುತ್ತಲೂ ಸ್ವಚ್ಛತೆ ಮರೀಚಿಕೆ
ಮಾಗಡಿ: ತಾಲ್ಲೂಕಿನ ಗ್ರಾಮವೊಂದರಲ್ಲಿ ಅಂಬೇಡ್ಕರ್ ಭವನ ನಿರ್ಮಾಣ ಮಾಡಲಾಗಿದ್ದು, ಅದು ಸಾರ್ವಜನಿಕರ ಉಪಯೋಗಕ್ಕೆ ಬಾರದೆ ದುರುಪಯೋಗವಾಗುತ್ತಿದೆ. ಭವನ ನಿರ್ಮಾಣಕ್ಕೆ ಲಕ್ಷಾಂತರ ರೂಪಾಯಿ ವೆಚ್ಚ ಮಾಡಲಾಗಿದ್ದು, ಅದರ ನಿರ್ವಹಣೆ ಮಾಡುವವರಿಲ್ಲ. ಭವನದ ಸುತ್ತಮುತ್ತ ಗಿಡಗಂಟಿಗಳು ಬೆಳೆದಿದ್ದು ಕುಡುಕರ ಅಡ್ಡೆಯಾಗಿ ಮಾರ್ಪಟ್ಟಿದೆ. ಸಮುದಾಯದ ಕಾರ್ಯಕ್ರಮಗಳಿಗೆ ಉಪಯೋಗಿಸಬೇಕಾದ ಭವನ ಪಾಳು ಬಿದ್ದಿದೆ. ಸಂಬಂಧಪಟ್ಟ ಅಧಿಕಾರಿಗಳು ಕೂಡಲೇ ಕ್ರಮ ಕೈಗೊಳ್ಳಬೇಕು ಎಂದು ಗ್ರಾಮಸ್ಥರು ಒತ್ತಾಯಿಸಿದ್ದಾರೆ. ಭವನದ ಸಮಸ್ಯೆಯನ್ನು ಶೀಘ್ರ ಬಗೆಹರಿಸಲಾಗುವುದು ಎಂದು ಅಧಿಕಾರಿಗಳು ಭರವಸೆ ನೀಡಿದ್ದಾರೆ. ಗ್ರಾಮದಲ್ಲಿ ಅಂಬೇಡ್ಕರ್ ಭವನವನ್ನು ಸದ್ಬಳಕೆ ಮಾಡಿಕೊಳ್ಳಲು ಗ್ರಾಮ ಪಂಚಾಯಿತಿ ಸಹಕಾರ ನೀಡಬೇಕು.
ಕೊತ್ತೂರು ಗ್ರಾಮದಲ್ಲಿ ನಿರ್ಮಾಣ ಮಾಡಲಾದ ಡಾ.ಬಿ.ಆರ್ ಅಂಬೇಡ್ಕರ್ ಸಮುದಾಯ ಭವನದ ಬಗ್ಗೆ ಗಮನಕ್ಕೆ ಬಂದಿದ್ದು, ಸ್ಥಳ ಪರಿಶೀಲನೆ ನಡೆಸಿ ನಿರ್ವಹಣೆಗೆ ಕ್ರಮ ಕೈಗೊಳ್ಳಲಾಗುವುದು.
- ಕಿರಣ್, ಸಹಾಯಕ ನಿರ್ದೇಶಕರು, ಸಮಾಜ ಕಲ್ಯಾಣ ಇಲಾಖೆ, ಮಾಗಡಿ
ಸರಕಾರದಿಂದ ಲಕ್ಷಾಂತರ ರೂಪಾಯಿಗಳ ವೆಚ್ಚದಲ್ಲಿ ಅಂಬೇಡ್ಕರ್ ಸಮುದಾಯ ಭವನವನ್ನು ನಿರ್ಮಿಸಲಾಗಿದೆ. ಆದರೆ ಭವನವನ್ನು ನಿರ್ವಹಣೆ ಮಾಡದೇ ಸರ್ಕಾರದ ಹಣ ವ್ಯರ್ಥವಾಗಿದೆ. ಕೂಡಲೇ ಸಮುದಾಯದ ಜನರ ಬಳಕೆಗೆ ನೀಡಬೇಕು.
- ರಾಮಾಂಜಿ, ಗ್ರಾಮಸ್ಥ
ಮಾಗಡಿ: ತಾಲ್ಲೂಕಿನ ಗ್ರಾಮವೊಂದರಲ್ಲಿ ಅಂಬೇಡ್ಕರ್ ಭವನ ನಿರ್ಮಾಣ ಮಾಡಲಾಗಿದ್ದು, ಅದು ಸಾರ್ವಜನಿಕರ ಉಪಯೋಗಕ್ಕೆ ಬಾರದೆ ದುರುಪಯೋಗವಾಗುತ್ತಿದೆ. ಭವನ ನಿರ್ಮಾಣಕ್ಕೆ ಲಕ್ಷಾಂತರ ರೂಪಾಯಿ ವೆಚ್ಚ ಮಾಡಲಾಗಿದ್ದು, ಅದರ ನಿರ್ವಹಣೆ ಮಾಡುವವರಿಲ್ಲ. ಭವನದ ಸುತ್ತಮುತ್ತ ಗಿಡಗಂಟಿಗಳು ಬೆಳೆದಿದ್ದು ಕುಡುಕರ ಅಡ್ಡೆಯಾಗಿ ಮಾರ್ಪಟ್ಟಿದೆ. ಸಮುದಾಯದ ಕಾರ್ಯಕ್ರಮಗಳಿಗೆ ಉಪಯೋಗಿಸಬೇಕಾದ ಭವನ ಪಾಳು ಬಿದ್ದಿದೆ. ಸಂಬಂಧಪಟ್ಟ ಅಧಿಕಾರಿಗಳು ಕೂಡಲೇ ಕ್ರಮ ಕೈಗೊಳ್ಳಬೇಕು ಎಂದು ಗ್ರಾಮಸ್ಥರು ಒತ್ತಾಯಿಸಿದ್ದಾರೆ. ಭವನದ ಸಮಸ್ಯೆಯನ್ನು ಶೀಘ್ರ ಬಗೆಹರಿಸಲಾಗುವುದು ಎಂದು ಅಧಿಕಾರಿಗಳು ಭರವಸೆ ನೀಡಿದ್ದಾರೆ. ಗ್ರಾಮದಲ್ಲಿ ಅಂಬೇಡ್ಕರ್ ಭವನವನ್ನು ಸದ್ಬಳಕೆ ಮಾಡಿಕೊಳ್ಳಲು ಗ್ರಾಮ ಪಂಚಾಯಿತಿ ಸಹಕಾರ ನೀಡಬೇಕು.
ಹೇಗಿದೆ
ಚಿನ್ನ-ಬೆಳ್ಳಿದರ
ಚಿನ್ನ (22K)
10ಗ್ರಾಂ
71,300
ಅಪರಂಜಿ ಚಿನ್ನ
(24K) 10 ಗ್ರಾಂ
77,780
ಬೆಳ್ಳಿ 1 ಕೆಜಿ
91,000
ಕ್ರೀಡಾ ಸುದ್ದಿ
ನಾನು ಉತ್ತರ ಪ್ರದೇಶದವ: ಎದುರು ಹಾಕಿಕೊಂಡರೆ ಜಾಗ್ರತೆ!
ಭಾರತಕ್ಕೆ ಸ್ವಾತಂತ್ರ್ಯ ಸಿಕ್ಕ ಸಂದರ್ಭದಲ್ಲಿ ಭಾರತ-ಪಾಕಿಸ್ತಾನ ವಿಭಜನೆಯಾದ ಸಂದರ್ಭದಲ್ಲಿ ಎರಡೂ ದೇಶಗಳ ನಡುವಿನ ಕ್ರಿಕೆಟ್ ಪಂದ್ಯಗಳು ಯಾವಾಗಲೂ ರೋಚಕವಾಗಿರುತ್ತವೆ. ಪಾಕಿಸ್ತಾನದ ವೇಗಿ ಶೋಯೆಬ್ ಅಖ್ತರ್ ಅವರೊಂದಿಗೆ ನಡೆದ ಮಾತಿನ ಚಕಮಕಿ ಕುರಿತು ಮಾಜಿ ಆಟಗಾರ ಬಹಿರಂಗಪಡಿಸಿದ್ದಾರೆ. 2003ರ ವಿಶ್ವಕಪ್ ಪಂದ್ಯದ ಸಂದರ್ಭದಲ್ಲಿ ನಡೆದ ಘಟನೆಯನ್ನು ಸ್ಮರಿಸಿಕೊಂಡ ಅವರು, ನಾನು ಉತ್ತರ ಪ್ರದೇಶದವನು, ಎದುರು ಹಾಕಿಕೊಂಡರೆ ಜಾಗ್ರತೆ ಎಂದು ಹೇಳಿದ್ದಾಗಿ ತಿಳಿಸಿದ್ದಾರೆ. 166 ಏಕದಿನ ಪಂದ್ಯಗಳನ್ನಾಡಿರುವ ಅವರು 19.42 ಸರಾಸರಿಯಲ್ಲಿ 1709 ರನ್ ಗಳಿಸಿದ್ದಾರೆ. 1992ರಿಂದ 2003ರವರೆಗೆ ಪಾಕಿಸ್ತಾನದ ಪರ 37 ಟೆಸ್ಟ್ ಪಂದ್ಯಗಳನ್ನು ಆಡಿ 28.77 ಸರಾಸರಿಯಲ್ಲಿ 1381 ರನ್ ಗಳಿಸಿದ್ದಾರೆ.
ಭಾರತಕ್ಕೆ ಸ್ವಾತಂತ್ರ್ಯ ಸಿಕ್ಕ ಸಂದರ್ಭದಲ್ಲಿ ಭಾರತ-ಪಾಕಿಸ್ತಾನ ವಿಭಜನೆಯಾದ ಸಂದರ್ಭದಲ್ಲಿ ಎರಡೂ ದೇಶಗಳ ನಡುವಿನ ಕ್ರಿಕೆಟ್ ಪಂದ್ಯಗಳು ಯಾವಾಗಲೂ ರೋಚಕವಾಗಿರುತ್ತವೆ. ಪಾಕಿಸ್ತಾನದ ವೇಗಿ ಶೋಯೆಬ್ ಅಖ್ತರ್ ಅವರೊಂದಿಗೆ ನಡೆದ ಮಾತಿನ ಚಕಮಕಿ ಕುರಿತು ಮಾಜಿ ಆಟಗಾರ ಬಹಿರಂಗಪಡಿಸಿದ್ದಾರೆ. 2003ರ ವಿಶ್ವಕಪ್ ಪಂದ್ಯದ ಸಂದರ್ಭದಲ್ಲಿ ನಡೆದ ಘಟನೆಯನ್ನು ಸ್ಮರಿಸಿಕೊಂಡ ಅವರು, ನಾನು ಉತ್ತರ ಪ್ರದೇಶದವನು, ಎದುರು ಹಾಕಿಕೊಂಡರೆ ಜಾಗ್ರತೆ ಎಂದು ಹೇಳಿದ್ದಾಗಿ ತಿಳಿಸಿದ್ದಾರೆ. 166 ಏಕದಿನ ಪಂದ್ಯಗಳನ್ನಾಡಿರುವ ಅವರು 19.42 ಸರಾಸರಿಯಲ್ಲಿ 1709 ರನ್ ಗಳಿಸಿದ್ದಾರೆ. 1992ರಿಂದ 2003ರವರೆಗೆ ಪಾಕಿಸ್ತಾನದ ಪರ 37 ಟೆಸ್ಟ್ ಪಂದ್ಯಗಳನ್ನು ಆಡಿ 28.77 ಸರಾಸರಿಯಲ್ಲಿ 1381 ರನ್ ಗಳಿಸಿದ್ದಾರೆ.
ಭಾರತಕ್ಕೆ ಸ್ವಾತಂತ್ರ್ಯ ಸಿಕ್ಕ ಸಂದರ್ಭದಲ್ಲಿ ಭಾರತ-ಪಾಕಿಸ್ತಾನ ವಿಭಜನೆಯಾದ ಸಂದರ್ಭದಲ್ಲಿ ಎರಡೂ ದೇಶಗಳ ನಡುವಿನ ಕ್ರಿಕೆಟ್ ಪಂದ್ಯಗಳು ಯಾವಾಗಲೂ ರೋಚಕವಾಗಿರುತ್ತವೆ. ಪಾಕಿಸ್ತಾನದ ವೇಗಿ ಶೋಯೆಬ್ ಅಖ್ತರ್ ಅವರೊಂದಿಗೆ ನಡೆದ ಮಾತಿನ ಚಕಮಕಿ ಕುರಿತು ಮಾಜಿ ಆಟಗಾರ ಬಹಿರಂಗಪಡಿಸಿದ್ದಾರೆ. 2003ರ ವಿಶ್ವಕಪ್ ಪಂದ್ಯದ ಸಂದರ್ಭದಲ್ಲಿ ನಡೆದ ಘಟನೆಯನ್ನು ಸ್ಮರಿಸಿಕೊಂಡ ಅವರು, ನಾನು ಉತ್ತರ ಪ್ರದೇಶದವನು, ಎದುರು ಹಾಕಿಕೊಂಡರೆ ಜಾಗ್ರತೆ ಎಂದು ಹೇಳಿದ್ದಾಗಿ ತಿಳಿಸಿದ್ದಾರೆ. 166 ಏಕದಿನ ಪಂದ್ಯಗಳನ್ನಾಡಿರುವ ಅವರು 19.42 ಸರಾಸರಿಯಲ್ಲಿ 1709 ರನ್ ಗಳಿಸಿದ್ದಾರೆ. 1992ರಿಂದ 2003ರವರೆಗೆ ಪಾಕಿಸ್ತಾನದ ಪರ 37 ಟೆಸ್ಟ್ ಪಂದ್ಯಗಳನ್ನು ಆಡಿ 28.77 ಸರಾಸರಿಯಲ್ಲಿ 1381 ರನ್ ಗಳಿಸಿದ್ದಾರೆ.
ನನಗೆ ಪ್ಲೇಯಿಂಗ್ ಇಲೆವೆನ್‌ನಲ್ಲಿ ಚಾನ್ಸ್ ಸಿಕ್ಕರೆ ಸಾಕು: ಕೆ.ಎಲ್ ರಾಹುಲ್
ಭಾರತ ಮತ್ತು ಆಸ್ಟ್ರೇಲಿಯಾ ನಡುವಿನ ಎರಡನೇ ಟೆಸ್ಟ್ ಪಂದ್ಯ ಡಿ.6 ರಿಂದ ಅಡಿಲೇಡ್‌ನಲ್ಲಿ ನಡೆಯಲಿದೆ. ಡೇ-ನೈಟ್ ಪಂದ್ಯಕ್ಕೂ ಮುನ್ನ ನಾಯಕ ರೋಹಿತ್ ಶರ್ಮಾ ತಂಡಕ್ಕೆ ಮರಳಿದ್ದಾರೆ. ಮೊದಲ ಟೆಸ್ಟ್‌ನಲ್ಲಿ ಆರಂಭಿಕರಾಗಿ ಕಣಕ್ಕಿಳಿದಿದ್ದ ಕೆ.ಎಲ್ ರಾಹುಲ್ ಉತ್ತಮ ಪ್ರದರ್ಶನ ನೀಡಿದ್ದರು. ಪರ್ತ್ ಟೆಸ್ಟ್‌ನಲ್ಲಿ ಯಶಸ್ವಿ ಜೈಸ್ವಾಲ್ ಜೊತೆ 201 ರನ್‌ಗಳ ಜೊತೆಯಾಟವಾಡಿದ್ದರು. ತಂಡದಲ್ಲಿ ಯಾವ ಸ್ಥಾನದಲ್ಲಿ ಆಡಲು ಹೇಳಿದರೂ ಸಿದ್ಧ, ಪ್ಲೇಯಿಂಗ್ ಇಲೆವೆನ್‌ನಲ್ಲಿ ಸ್ಥಾನ ಸಿಕ್ಕರೆ ಸಾಕು ಎಂದು ರಾಹುಲ್ ಹೇಳಿದ್ದಾರೆ.
ಭಾರತ ಮತ್ತು ಆಸ್ಟ್ರೇಲಿಯಾ ನಡುವಿನ ಎರಡನೇ ಟೆಸ್ಟ್ ಪಂದ್ಯ ಡಿ.6 ರಿಂದ ಅಡಿಲೇಡ್‌ನಲ್ಲಿ ನಡೆಯಲಿದೆ. ಡೇ-ನೈಟ್ ಪಂದ್ಯಕ್ಕೂ ಮುನ್ನ ನಾಯಕ ರೋಹಿತ್ ಶರ್ಮಾ ತಂಡಕ್ಕೆ ಮರಳಿದ್ದಾರೆ. ಮೊದಲ ಟೆಸ್ಟ್‌ನಲ್ಲಿ ಆರಂಭಿಕರಾಗಿ ಕಣಕ್ಕಿಳಿದಿದ್ದ ಕೆ.ಎಲ್ ರಾಹುಲ್ ಉತ್ತಮ ಪ್ರದರ್ಶನ ನೀಡಿದ್ದರು. ಪರ್ತ್ ಟೆಸ್ಟ್‌ನಲ್ಲಿ ಯಶಸ್ವಿ ಜೈಸ್ವಾಲ್ ಜೊತೆ 201 ರನ್‌ಗಳ ಜೊತೆಯಾಟವಾಡಿದ್ದರು. ತಂಡದಲ್ಲಿ ಯಾವ ಸ್ಥಾನದಲ್ಲಿ ಆಡಲು ಹೇಳಿದರೂ ಸಿದ್ಧ, ಪ್ಲೇಯಿಂಗ್ ಇಲೆವೆನ್‌ನಲ್ಲಿ ಸ್ಥಾನ ಸಿಕ್ಕರೆ ಸಾಕು ಎಂದು ರಾಹುಲ್ ಹೇಳಿದ್ದಾರೆ.
ಅಡಿಲೇಡ್ ಟೆಸ್ಟ್ ಗೆಲ್ಲಲು ಆಸ್ಟ್ರೇಲಿಯಾ ತಂಡಕ್ಕೆ ಗಿಲ್ ಕ್ರಿಸ್ಟ್ ಟಿಪ್ಸ್!
ಪರ್ತ್ ಟೆಸ್ಟ್‌ನಲ್ಲಿ ಆಸ್ಟ್ರೇಲಿಯಾ ಸೋತಿದ್ದು ಅಡಿಲೇಡ್ ಟೆಸ್ಟ್ ಗೆಲ್ಲಲು ಮಾಜಿ ವಿಕೆಟ್ ಕೀಪರ್ ಆಡಮ್ ಗಿಲ್ ಕ್ರಿಸ್ಟ್ ಸಲಹೆ ನೀಡಿದ್ದಾರೆ. ಭಾರತದ ಬೌಲರ್‌ಗಳನ್ನು ಎದುರಿಸುವ ಬಗ್ಗೆ ಯೋಜನೆ ರೂಪಿಸಬೇಕು. ಜಸ್ಪ್ರೀತ್ ಬುಮ್ರಾ ಅವರ ಬೌಲಿಂಗ್ ಎದುರಿಸಲು ಆಟಗಾರರು ಸಿದ್ಧರಾಗಬೇಕು. ಆಸ್ಟ್ರೇಲಿಯಾ ತಂಡದ ಬ್ಯಾಟಿಂಗ್ ವಿಭಾಗ ಸುಧಾರಿಸಬೇಕಾಗಿದೆ ಎಂದು ಸಲಹೆ ನೀಡಿದ್ದಾರೆ.
